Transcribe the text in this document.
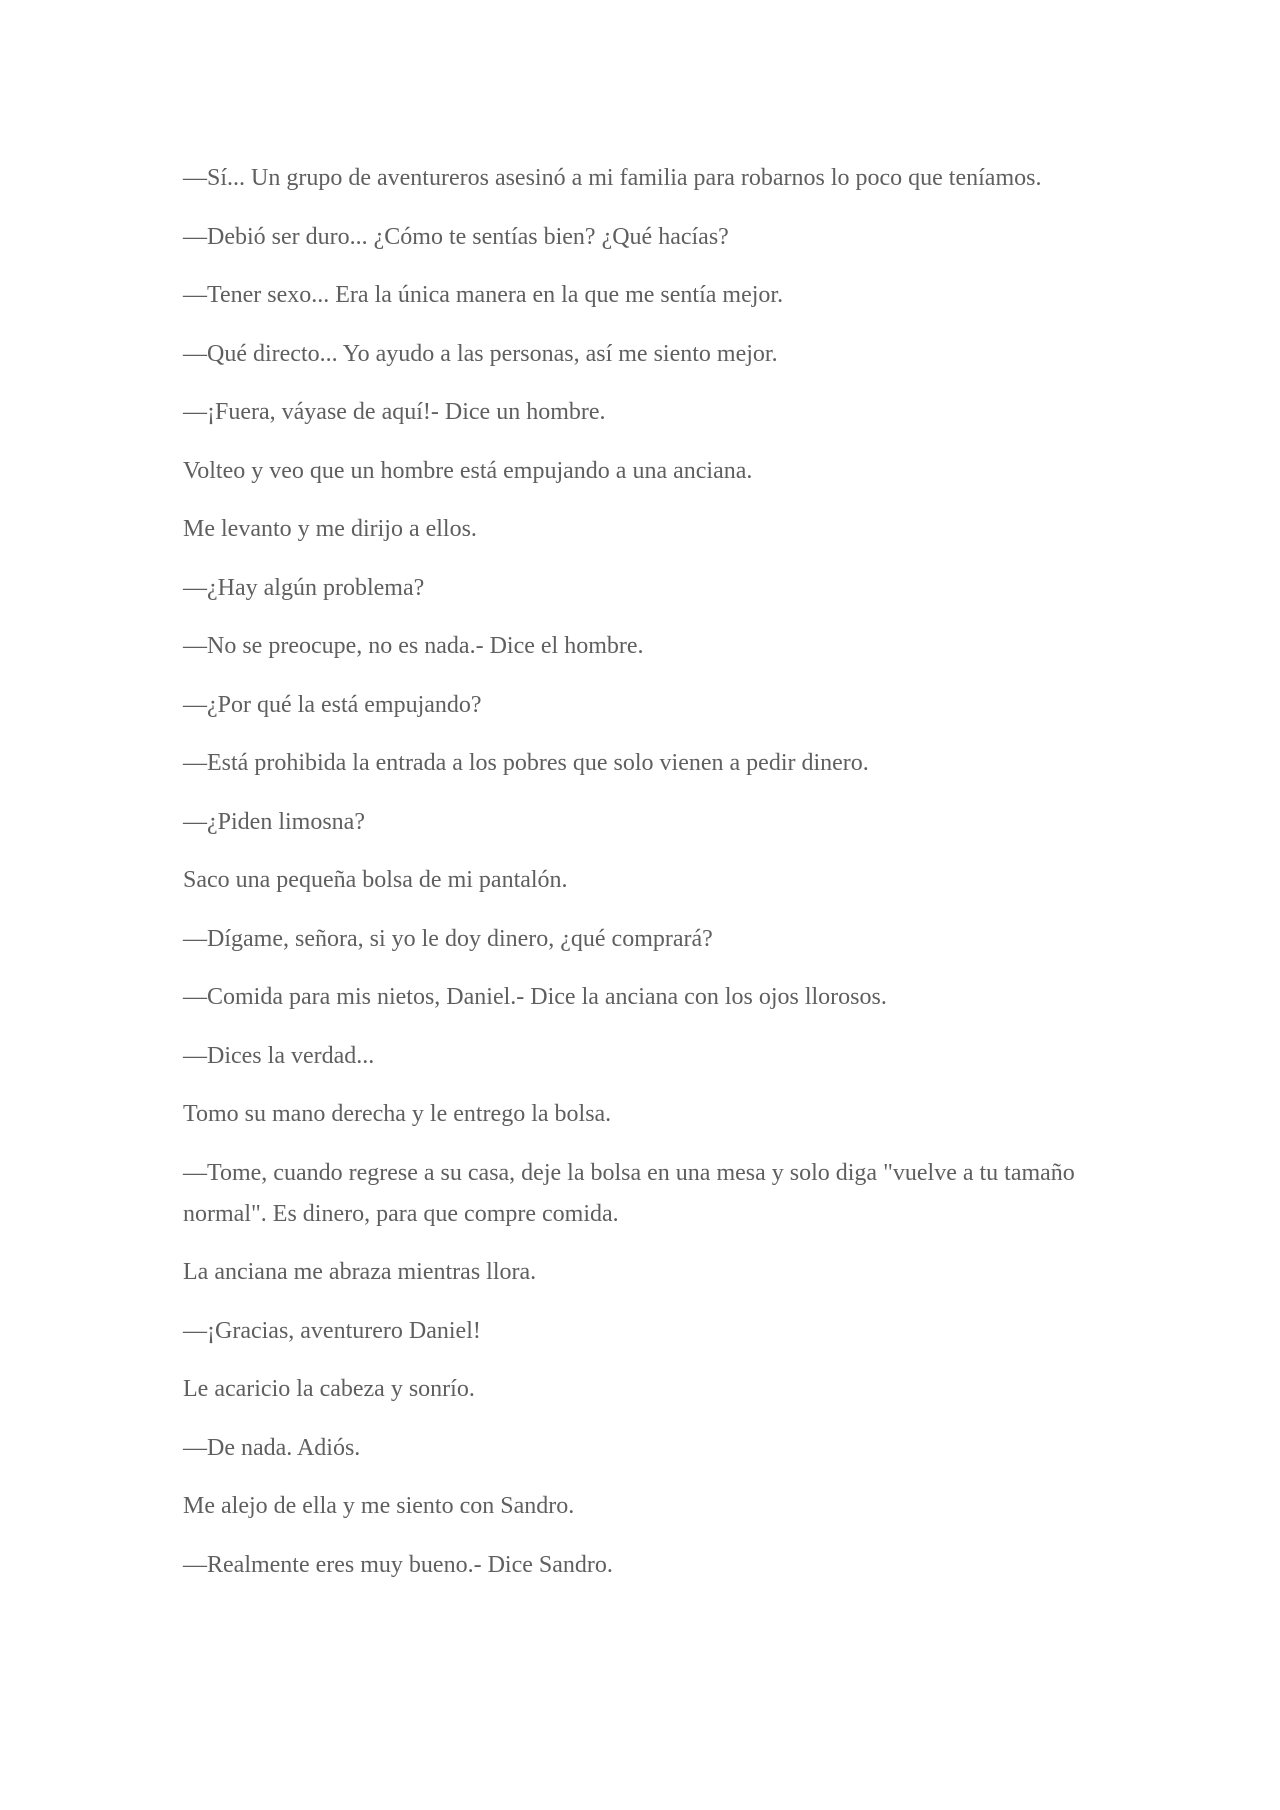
—Sí... Un grupo de aventureros asesinó a mi familia para robarnos lo poco que teníamos.

—Debió ser duro... ¿Cómo te sentías bien? ¿Qué hacías?

—Tener sexo... Era la única manera en la que me sentía mejor.

—Qué directo... Yo ayudo a las personas, así me siento mejor.

—¡Fuera, váyase de aquí!- Dice un hombre.

Volteo y veo que un hombre está empujando a una anciana.

Me levanto y me dirijo a ellos.

—¿Hay algún problema?

—No se preocupe, no es nada.- Dice el hombre.

—¿Por qué la está empujando?

—Está prohibida la entrada a los pobres que solo vienen a pedir dinero.

—¿Piden limosna?

Saco una pequeña bolsa de mi pantalón.

—Dígame, señora, si yo le doy dinero, ¿qué comprará?

—Comida para mis nietos, Daniel.- Dice la anciana con los ojos llorosos.

—Dices la verdad...

Tomo su mano derecha y le entrego la bolsa.

—Tome, cuando regrese a su casa, deje la bolsa en una mesa y solo diga "vuelve a tu tamaño normal". Es dinero, para que compre comida.

La anciana me abraza mientras llora.

—¡Gracias, aventurero Daniel!

Le acaricio la cabeza y sonrío.

—De nada. Adiós.

Me alejo de ella y me siento con Sandro.

—Realmente eres muy bueno.- Dice Sandro.
